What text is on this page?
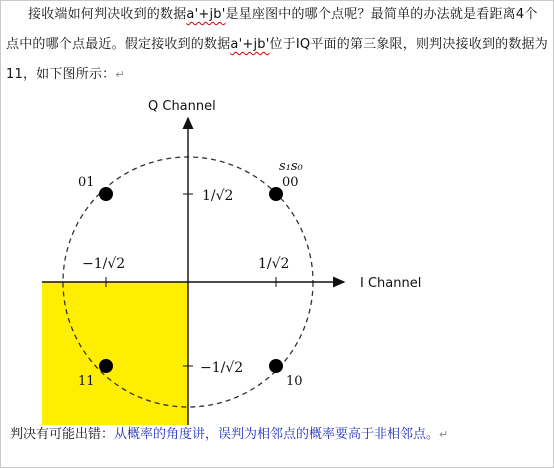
接收端如何判决收到的数据a'+jb'是星座图中的哪个点呢？最简单的办法就是看距离4个点中的哪个点最近。假定接收到的数据a'+jb'位于IQ平面的第三象限，则判决接收到的数据为11，如下图所示：↵
Q Channel
I Channel
s₁s₀
1/√2
−1/√2	1/√2
−1/√2
01	00
11	10
判决有可能出错：从概率的角度讲，误判为相邻点的概率要高于非相邻点。↵
